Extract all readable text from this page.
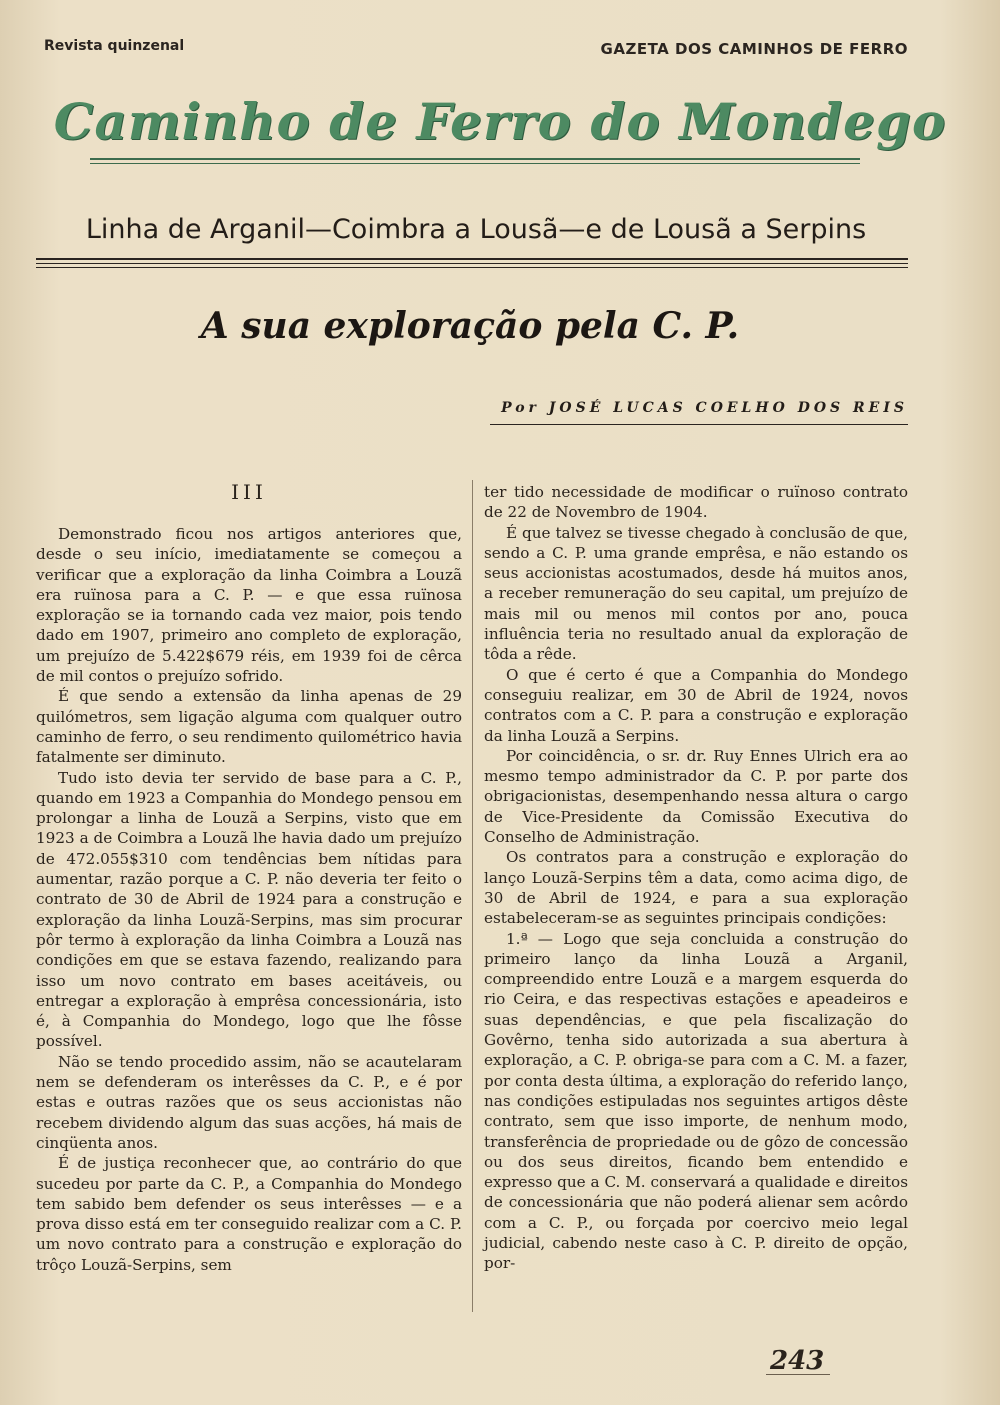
Revista quinzenal	GAZETA DOS CAMINHOS DE FERRO
Caminho de Ferro do Mondego
Linha de Arganil—Coimbra a Lousã—e de Lousã a Serpins
A sua exploração pela C. P.
Por JOSÉ LUCAS COELHO DOS REIS
III

Demonstrado ficou nos artigos anteriores que, desde o seu início, imediatamente se começou a verificar que a exploração da linha Coimbra a Louzã era ruïnosa para a C. P. — e que essa ruïnosa exploração se ia tornando cada vez maior, pois tendo dado em 1907, primeiro ano completo de exploração, um prejuízo de 5.422$679 réis, em 1939 foi de cêrca de mil contos o prejuízo sofrido.

É que sendo a extensão da linha apenas de 29 quilómetros, sem ligação alguma com qualquer outro caminho de ferro, o seu rendimento quilométrico havia fatalmente ser diminuto.

Tudo isto devia ter servido de base para a C. P., quando em 1923 a Companhia do Mondego pensou em prolongar a linha de Louzã a Serpins, visto que em 1923 a de Coimbra a Louzã lhe havia dado um prejuízo de 472.055$310 com tendências bem nítidas para aumentar, razão porque a C. P. não deveria ter feito o contrato de 30 de Abril de 1924 para a construção e exploração da linha Louzã-Serpins, mas sim procurar pôr termo à exploração da linha Coimbra a Louzã nas condições em que se estava fazendo, realizando para isso um novo contrato em bases aceitáveis, ou entregar a exploração à emprêsa concessionária, isto é, à Companhia do Mondego, logo que lhe fôsse possível.

Não se tendo procedido assim, não se acautelaram nem se defenderam os interêsses da C. P., e é por estas e outras razões que os seus accionistas não recebem dividendo algum das suas acções, há mais de cinqüenta anos.

É de justiça reconhecer que, ao contrário do que sucedeu por parte da C. P., a Companhia do Mondego tem sabido bem defender os seus interêsses — e a prova disso está em ter conseguido realizar com a C. P. um novo contrato para a construção e exploração do trôço Louzã-Serpins, sem

ter tido necessidade de modificar o ruïnoso contrato de 22 de Novembro de 1904.

É que talvez se tivesse chegado à conclusão de que, sendo a C. P. uma grande emprêsa, e não estando os seus accionistas acostumados, desde há muitos anos, a receber remuneração do seu capital, um prejuízo de mais mil ou menos mil contos por ano, pouca influência teria no resultado anual da exploração de tôda a rêde.

O que é certo é que a Companhia do Mondego conseguiu realizar, em 30 de Abril de 1924, novos contratos com a C. P. para a construção e exploração da linha Louzã a Serpins.

Por coincidência, o sr. dr. Ruy Ennes Ulrich era ao mesmo tempo administrador da C. P. por parte dos obrigacionistas, desempenhando nessa altura o cargo de Vice-Presidente da Comissão Executiva do Conselho de Administração.

Os contratos para a construção e exploração do lanço Louzã-Serpins têm a data, como acima digo, de 30 de Abril de 1924, e para a sua exploração estabeleceram-se as seguintes principais condições:

1.ª — Logo que seja concluida a construção do primeiro lanço da linha Louzã a Arganil, compreendido entre Louzã e a margem esquerda do rio Ceira, e das respectivas estações e apeadeiros e suas dependências, e que pela fiscalização do Govêrno, tenha sido autorizada a sua abertura à exploração, a C. P. obriga-se para com a C. M. a fazer, por conta desta última, a exploração do referido lanço, nas condições estipuladas nos seguintes artigos dêste contrato, sem que isso importe, de nenhum modo, transferência de propriedade ou de gôzo de concessão ou dos seus direitos, ficando bem entendido e expresso que a C. M. conservará a qualidade e direitos de concessionária que não poderá alienar sem acôrdo com a C. P., ou forçada por coercivo meio legal judicial, cabendo neste caso à C. P. direito de opção, por-

243
